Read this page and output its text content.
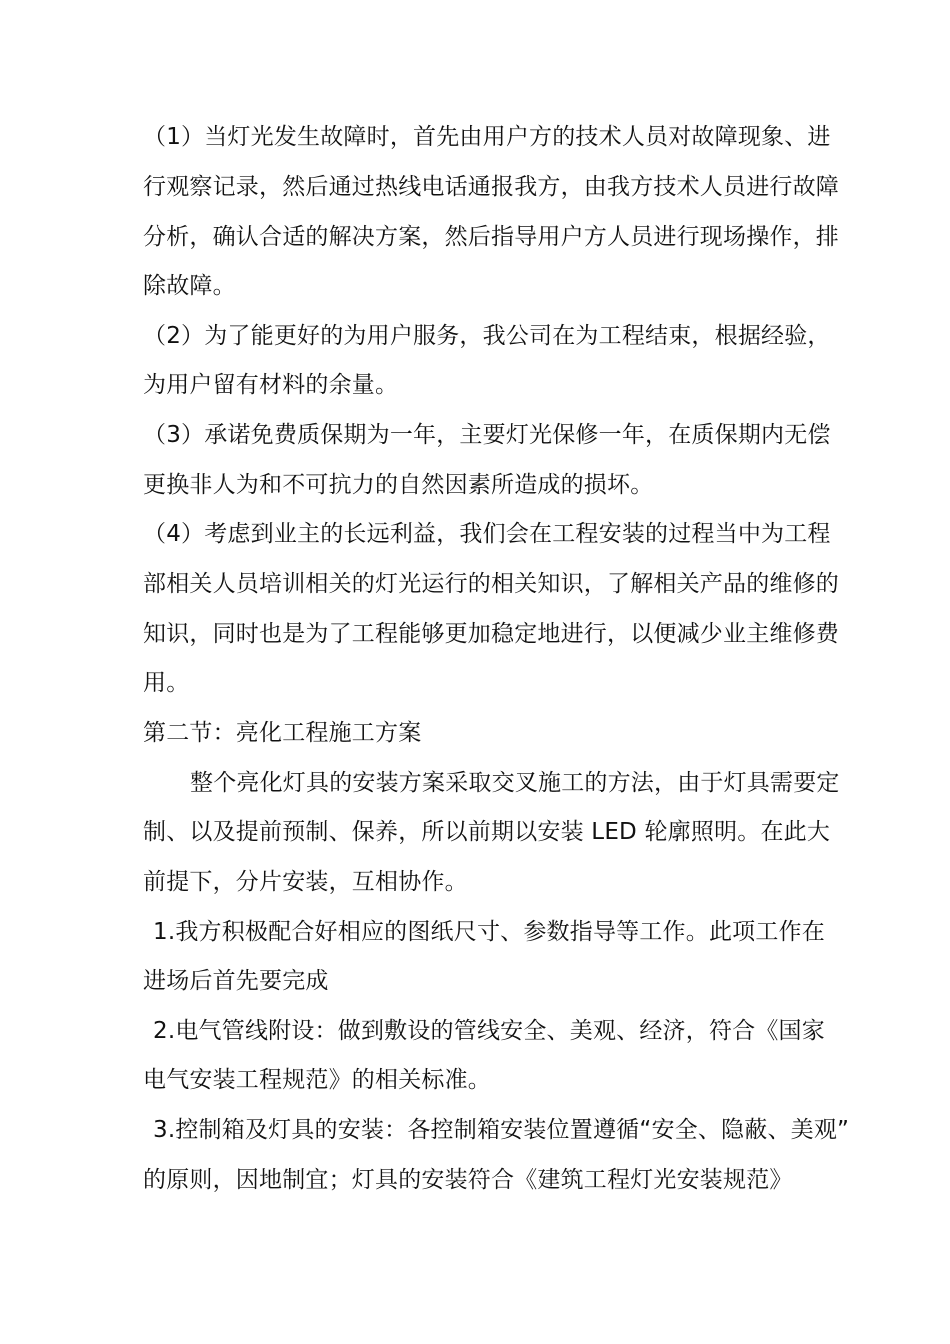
（1）当灯光发生故障时，首先由用户方的技术人员对故障现象、进
行观察记录，然后通过热线电话通报我方，由我方技术人员进行故障
分析，确认合适的解决方案，然后指导用户方人员进行现场操作，排
除故障。
（2）为了能更好的为用户服务，我公司在为工程结束，根据经验，
为用户留有材料的余量。
（3）承诺免费质保期为一年，主要灯光保修一年，在质保期内无偿
更换非人为和不可抗力的自然因素所造成的损坏。
（4）考虑到业主的长远利益，我们会在工程安装的过程当中为工程
部相关人员培训相关的灯光运行的相关知识，了解相关产品的维修的
知识，同时也是为了工程能够更加稳定地进行，以便减少业主维修费
用。
第二节：亮化工程施工方案
整个亮化灯具的安装方案采取交叉施工的方法，由于灯具需要定
制、以及提前预制、保养，所以前期以安装 LED 轮廓照明。在此大
前提下，分片安装，互相协作。
1.我方积极配合好相应的图纸尺寸、参数指导等工作。此项工作在
进场后首先要完成
2.电气管线附设：做到敷设的管线安全、美观、经济，符合《国家
电气安装工程规范》的相关标准。
3.控制箱及灯具的安装：各控制箱安装位置遵循“安全、隐蔽、美观”
的原则，因地制宜；灯具的安装符合《建筑工程灯光安装规范》
